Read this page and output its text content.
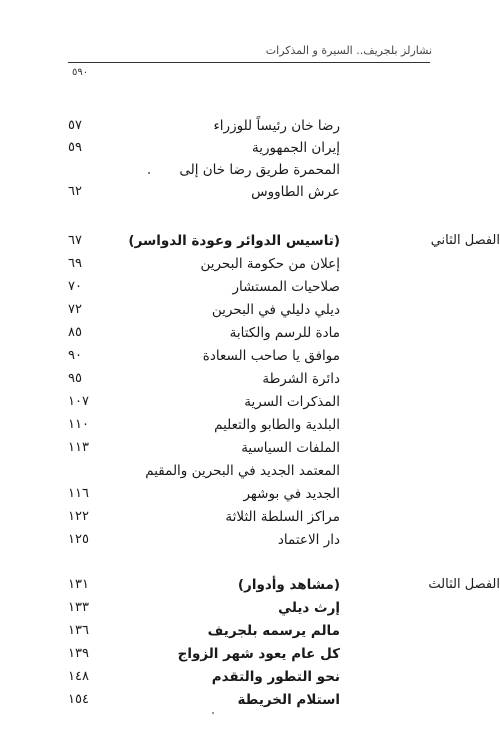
نشارلز بلجريف.. السيرة و المذكرات
٥٩٠
رضا خان رئيساً للوزراء
٥٧
إيران الجمهورية
٥٩
المحمرة طريق رضا خان إلى
عرش الطاووس
٦٢
الفصل الثاني
(تاسيس الدوائر وعودة الدواسر)
٦٧
إعلان من حكومة البحرين
٦٩
صلاحيات المستشار
٧٠
ديلي دليلي في البحرين
٧٢
مادة للرسم والكتابة
٨٥
موافق يا صاحب السعادة
٩٠
دائرة الشرطة
٩٥
المذكرات السرية
١٠٧
البلدية والطابو والتعليم
١١٠
الملفات السياسية
١١٣
المعتمد الجديد في البحرين والمقيم
الجديد في بوشهر
١١٦
مراكز السلطة الثلاثة
١٢٢
دار الاعتماد
١٢٥
الفصل الثالث
(مشاهد وأدوار)
١٣١
إرث ديلي
١٣٣
مالم يرسمه بلجريف
١٣٦
كل عام يعود شهر الزواج
١٣٩
نحو التطور والتقدم
١٤٨
استلام الخريطة
١٥٤
